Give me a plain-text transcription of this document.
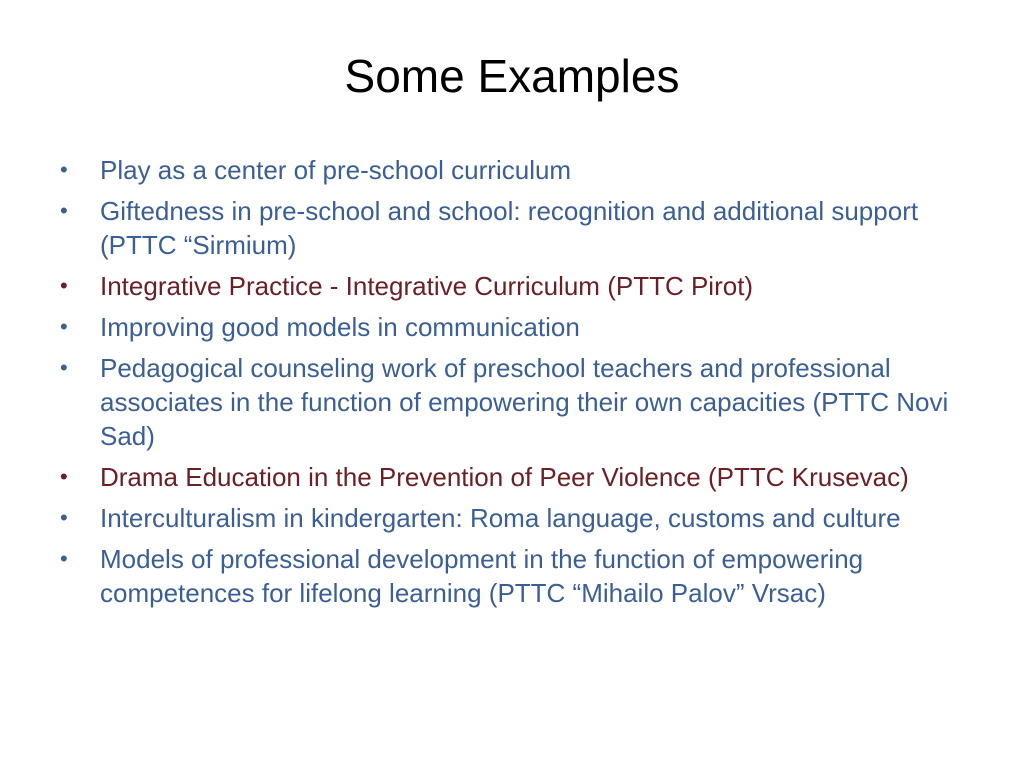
Some Examples
• Play as a center of pre-school curriculum
• Giftedness in pre-school and school: recognition and additional support (PTTC “Sirmium)
• Integrative Practice - Integrative Curriculum (PTTC Pirot)
• Improving good models in communication
• Pedagogical counseling work of preschool teachers and professional associates in the function of empowering their own capacities (PTTC Novi Sad)
• Drama Education in the Prevention of Peer Violence (PTTC Krusevac)
• Interculturalism in kindergarten: Roma language, customs and culture
• Models of professional development in the function of empowering competences for lifelong learning (PTTC “Mihailo Palov” Vrsac)
